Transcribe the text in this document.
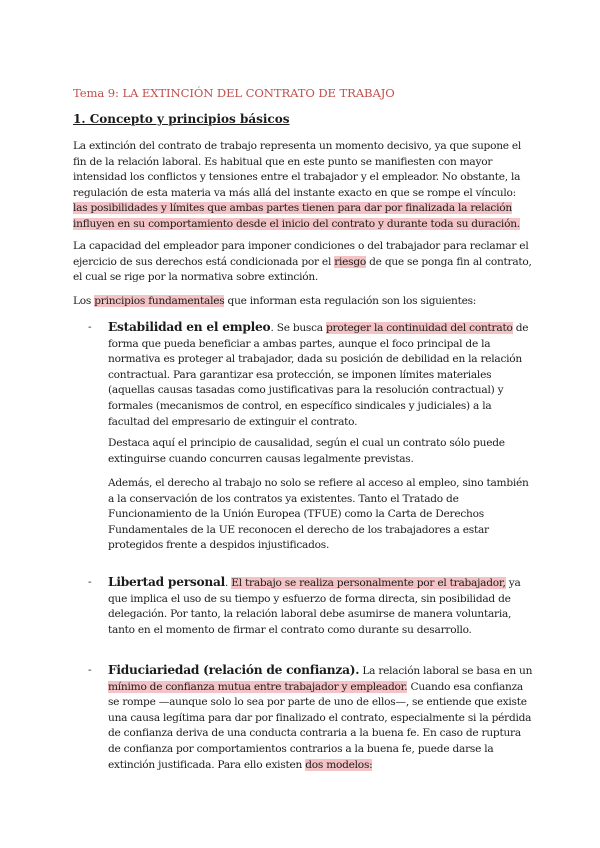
Tema 9: LA EXTINCIÓN DEL CONTRATO DE TRABAJO
1. Concepto y principios básicos

La extinción del contrato de trabajo representa un momento decisivo, ya que supone el fin de la relación laboral. Es habitual que en este punto se manifiesten con mayor intensidad los conflictos y tensiones entre el trabajador y el empleador. No obstante, la regulación de esta materia va más allá del instante exacto en que se rompe el vínculo: las posibilidades y límites que ambas partes tienen para dar por finalizada la relación influyen en su comportamiento desde el inicio del contrato y durante toda su duración.

La capacidad del empleador para imponer condiciones o del trabajador para reclamar el ejercicio de sus derechos está condicionada por el riesgo de que se ponga fin al contrato, el cual se rige por la normativa sobre extinción.

Los principios fundamentales que informan esta regulación son los siguientes:

- Estabilidad en el empleo. Se busca proteger la continuidad del contrato de forma que pueda beneficiar a ambas partes, aunque el foco principal de la normativa es proteger al trabajador, dada su posición de debilidad en la relación contractual. Para garantizar esa protección, se imponen límites materiales (aquellas causas tasadas como justificativas para la resolución contractual) y formales (mecanismos de control, en específico sindicales y judiciales) a la facultad del empresario de extinguir el contrato.

Destaca aquí el principio de causalidad, según el cual un contrato sólo puede extinguirse cuando concurren causas legalmente previstas.

Además, el derecho al trabajo no solo se refiere al acceso al empleo, sino también a la conservación de los contratos ya existentes. Tanto el Tratado de Funcionamiento de la Unión Europea (TFUE) como la Carta de Derechos Fundamentales de la UE reconocen el derecho de los trabajadores a estar protegidos frente a despidos injustificados.

- Libertad personal. El trabajo se realiza personalmente por el trabajador, ya que implica el uso de su tiempo y esfuerzo de forma directa, sin posibilidad de delegación. Por tanto, la relación laboral debe asumirse de manera voluntaria, tanto en el momento de firmar el contrato como durante su desarrollo.

- Fiduciariedad (relación de confianza). La relación laboral se basa en un mínimo de confianza mutua entre trabajador y empleador. Cuando esa confianza se rompe —aunque solo lo sea por parte de uno de ellos—, se entiende que existe una causa legítima para dar por finalizado el contrato, especialmente si la pérdida de confianza deriva de una conducta contraria a la buena fe. En caso de ruptura de confianza por comportamientos contrarios a la buena fe, puede darse la extinción justificada. Para ello existen dos modelos:
